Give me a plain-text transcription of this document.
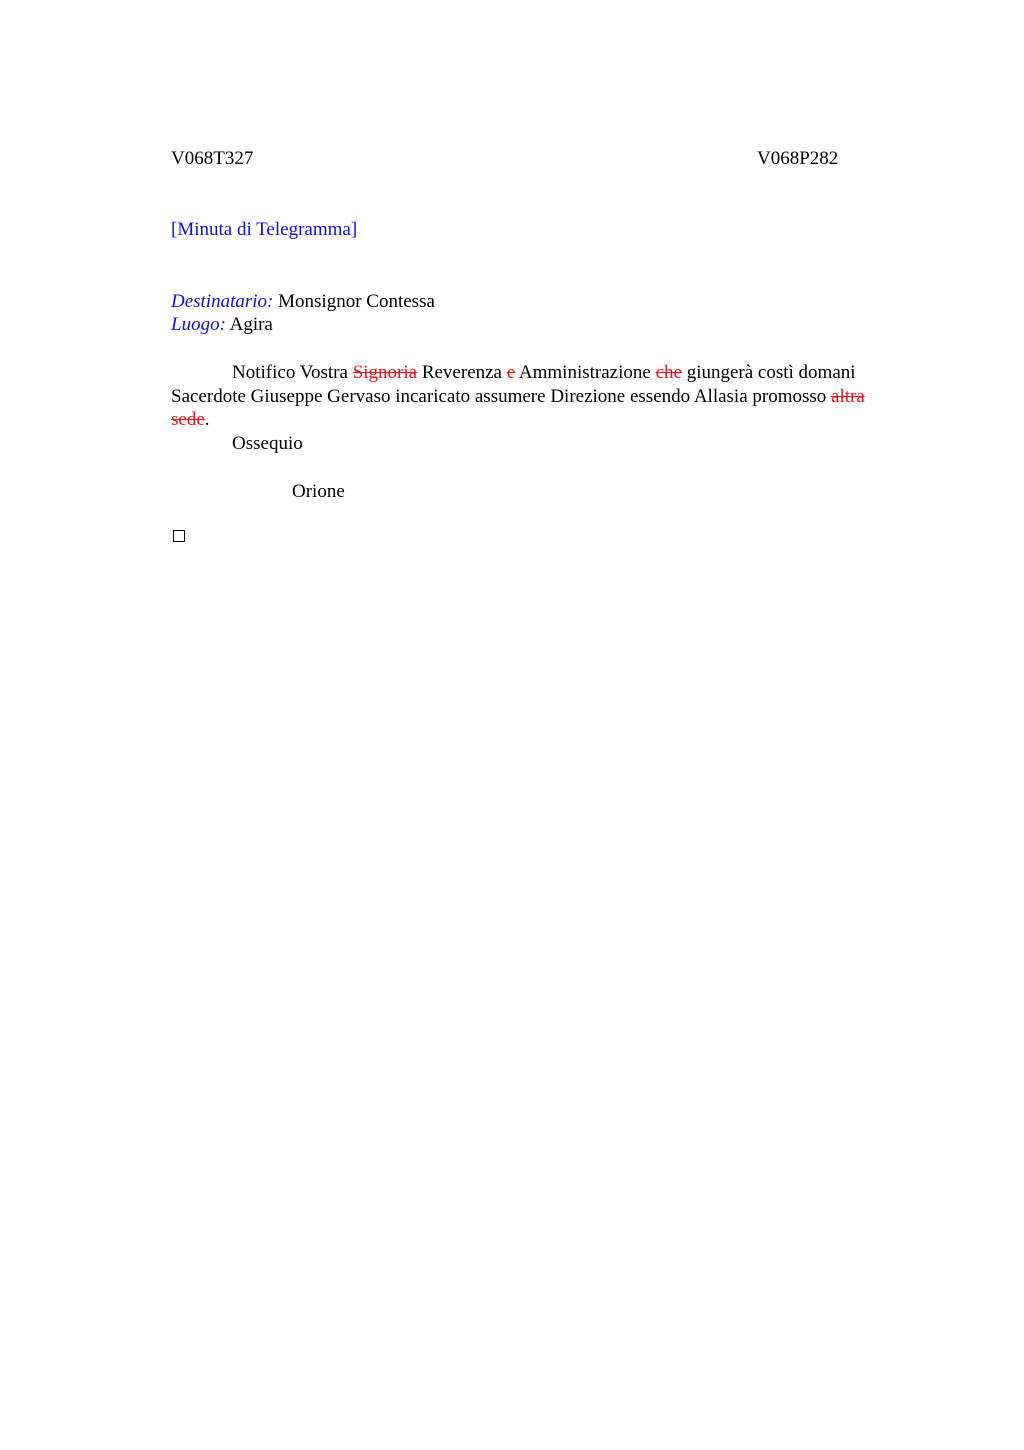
V068T327	V068P282
[Minuta di Telegramma]
Destinatario: Monsignor Contessa
Luogo: Agira
Notifico Vostra Signoria Reverenza e Amministrazione che giungerà costì domani
Sacerdote Giuseppe Gervaso incaricato assumere Direzione essendo Allasia promosso altra
sede.
Ossequio
Orione
